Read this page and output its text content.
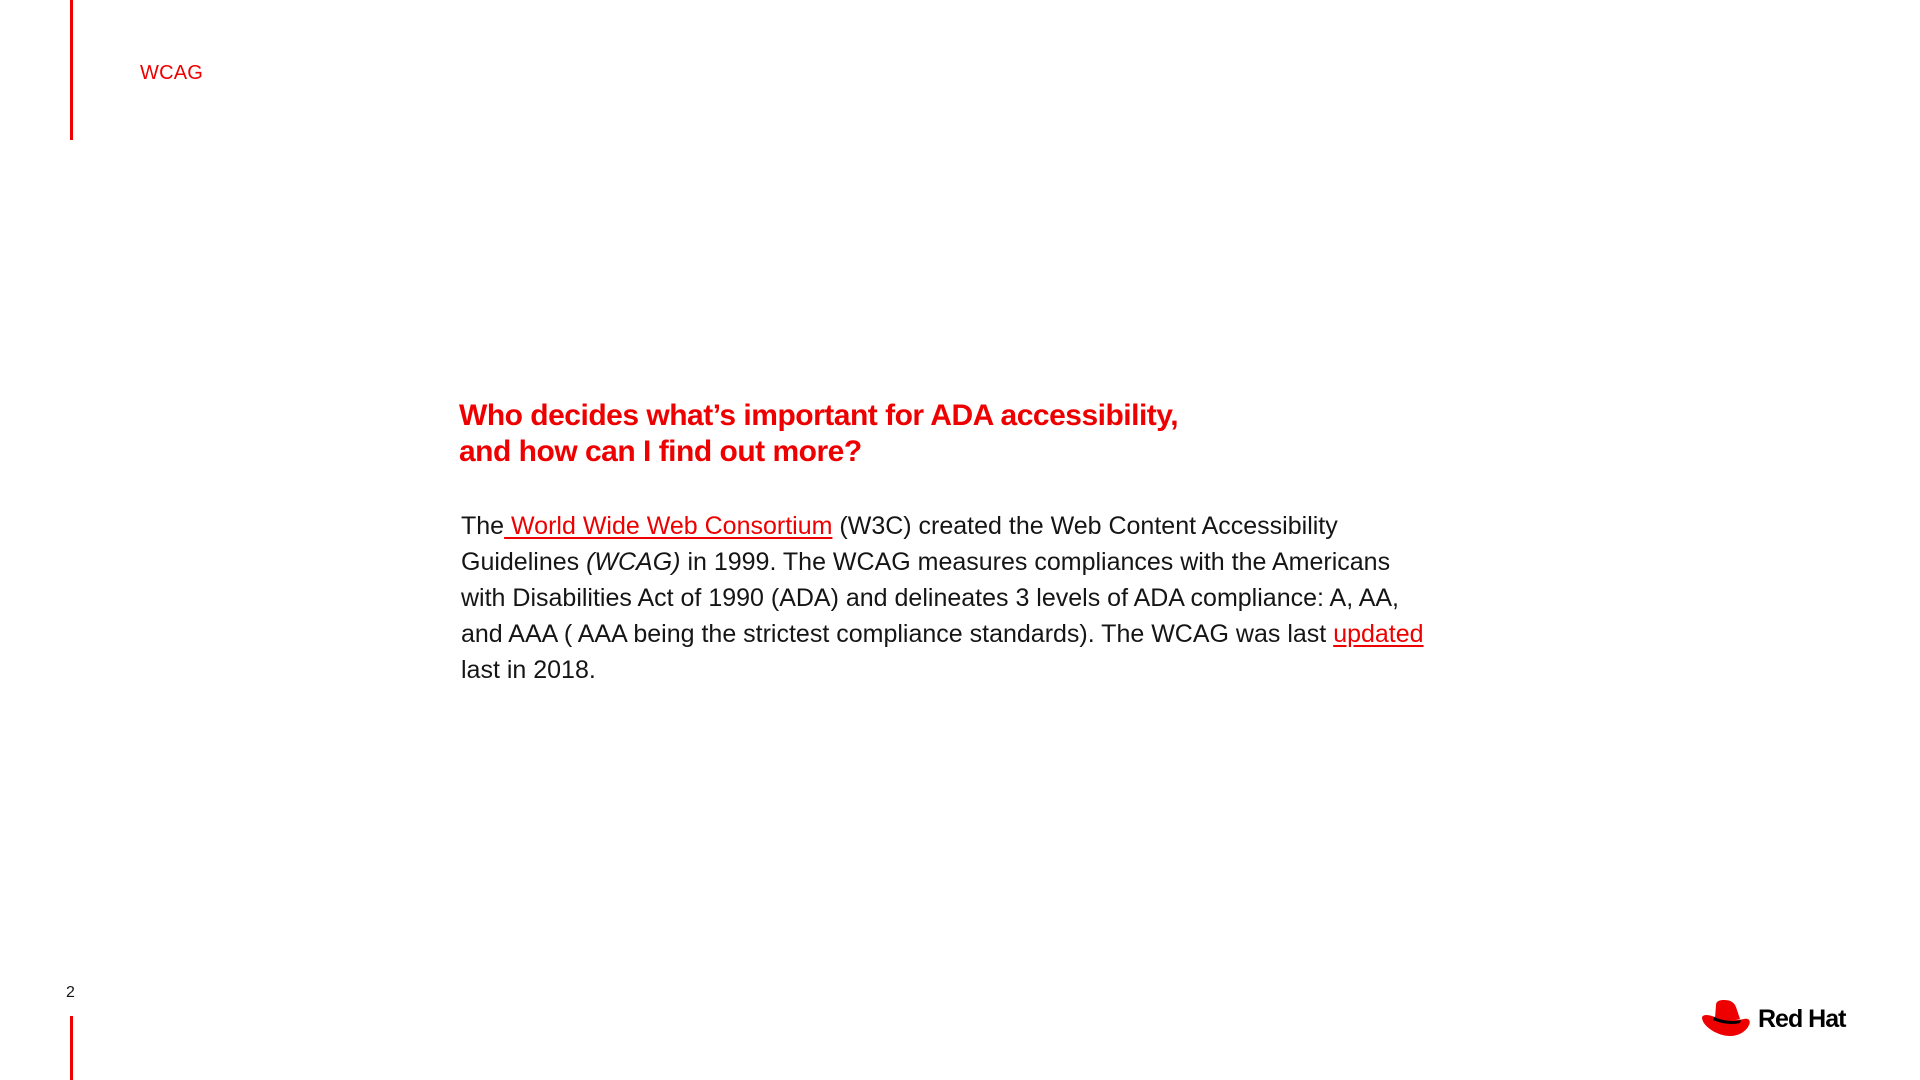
WCAG
Who decides what’s important for ADA accessibility,
and how can I find out more?

The World Wide Web Consortium (W3C) created the Web Content Accessibility Guidelines (WCAG) in 1999. The WCAG measures compliances with the Americans with Disabilities Act of 1990 (ADA) and delineates 3 levels of ADA compliance: A, AA, and AAA ( AAA being the strictest compliance standards). The WCAG was last updated last in 2018.

2
Red Hat
